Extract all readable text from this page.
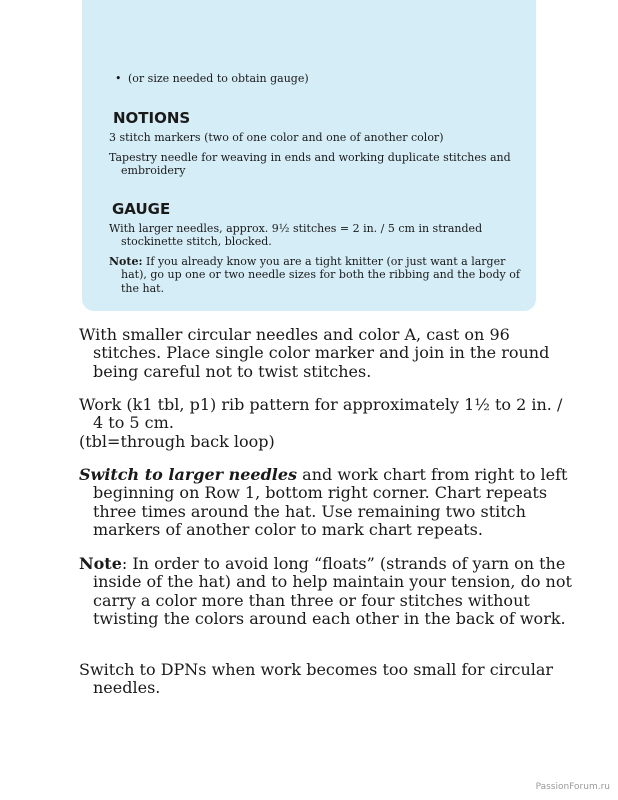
• (or size needed to obtain gauge)
NOTIONS
3 stitch markers (two of one color and one of another color)
Tapestry needle for weaving in ends and working duplicate stitches and embroidery
GAUGE
With larger needles, approx. 9½ stitches = 2 in. / 5 cm in stranded stockinette stitch, blocked.
Note: If you already know you are a tight knitter (or just want a larger hat), go up one or two needle sizes for both the ribbing and the body of the hat.
With smaller circular needles and color A, cast on 96 stitches. Place single color marker and join in the round being careful not to twist stitches.
Work (k1 tbl, p1) rib pattern for approximately 1½ to 2 in. / 4 to 5 cm.
(tbl=through back loop)
Switch to larger needles and work chart from right to left beginning on Row 1, bottom right corner. Chart repeats three times around the hat. Use remaining two stitch markers of another color to mark chart repeats.
Note: In order to avoid long “floats” (strands of yarn on the inside of the hat) and to help maintain your tension, do not carry a color more than three or four stitches without twisting the colors around each other in the back of work.
Switch to DPNs when work becomes too small for circular needles.
PassionForum.ru
